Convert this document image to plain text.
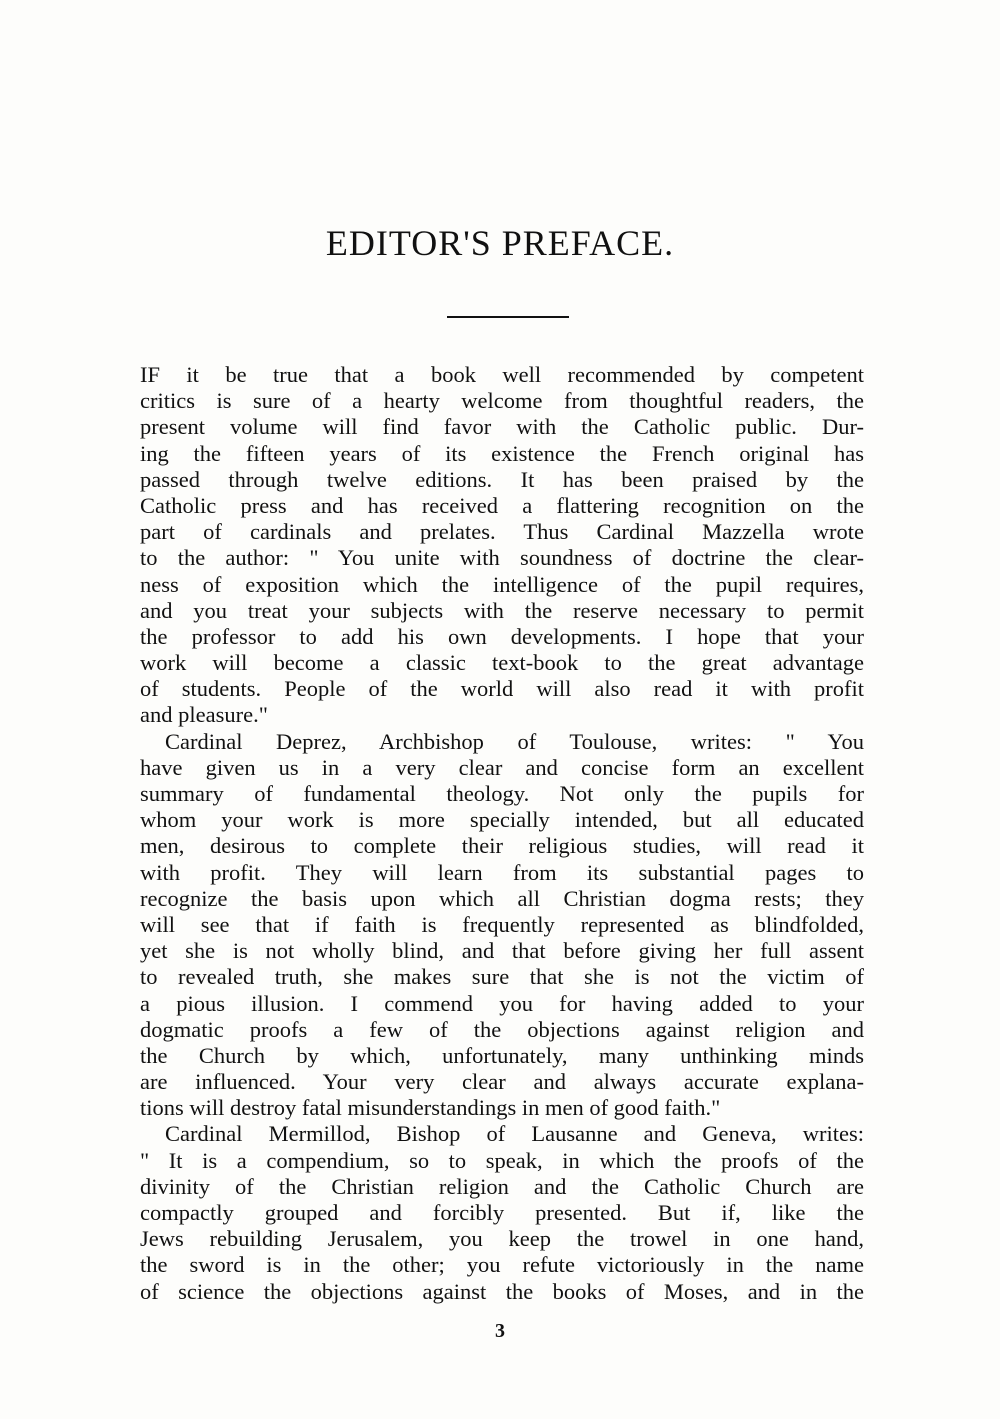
EDITOR'S PREFACE.

IF it be true that a book well recommended by competent
critics is sure of a hearty welcome from thoughtful readers, the
present volume will find favor with the Catholic public. Dur-
ing the fifteen years of its existence the French original has
passed through twelve editions. It has been praised by the
Catholic press and has received a flattering recognition on the
part of cardinals and prelates. Thus Cardinal Mazzella wrote
to the author: " You unite with soundness of doctrine the clear-
ness of exposition which the intelligence of the pupil requires,
and you treat your subjects with the reserve necessary to permit
the professor to add his own developments. I hope that your
work will become a classic text-book to the great advantage
of students. People of the world will also read it with profit
and pleasure."

Cardinal Deprez, Archbishop of Toulouse, writes: " You
have given us in a very clear and concise form an excellent
summary of fundamental theology. Not only the pupils for
whom your work is more specially intended, but all educated
men, desirous to complete their religious studies, will read it
with profit. They will learn from its substantial pages to
recognize the basis upon which all Christian dogma rests; they
will see that if faith is frequently represented as blindfolded,
yet she is not wholly blind, and that before giving her full assent
to revealed truth, she makes sure that she is not the victim of
a pious illusion. I commend you for having added to your
dogmatic proofs a few of the objections against religion and
the Church by which, unfortunately, many unthinking minds
are influenced. Your very clear and always accurate explana-
tions will destroy fatal misunderstandings in men of good faith."

Cardinal Mermillod, Bishop of Lausanne and Geneva, writes:
" It is a compendium, so to speak, in which the proofs of the
divinity of the Christian religion and the Catholic Church are
compactly grouped and forcibly presented. But if, like the
Jews rebuilding Jerusalem, you keep the trowel in one hand,
the sword is in the other; you refute victoriously in the name
of science the objections against the books of Moses, and in the

3
